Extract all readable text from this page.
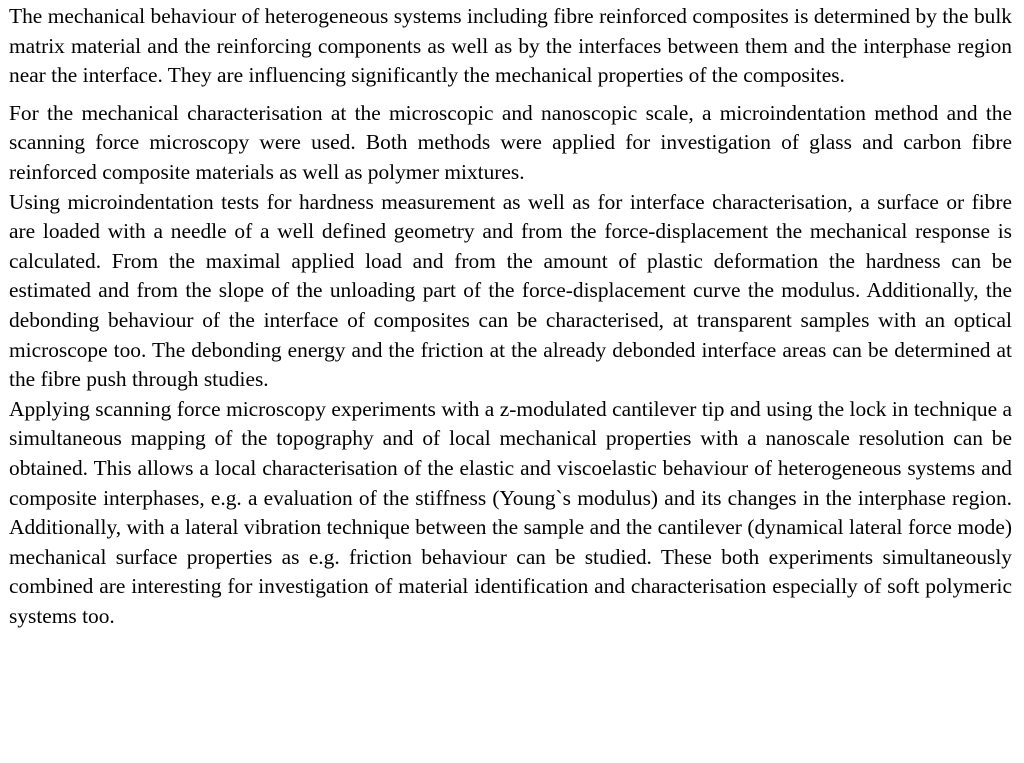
The mechanical behaviour of heterogeneous systems including fibre reinforced composites is determined by the bulk matrix material and the reinforcing components as well as by the interfaces between them and the interphase region near the interface. They are influencing significantly the mechanical properties of the composites.

For the mechanical characterisation at the microscopic and nanoscopic scale, a microindentation method and the scanning force microscopy were used. Both methods were applied for investigation of glass and carbon fibre reinforced composite materials as well as polymer mixtures.

Using microindentation tests for hardness measurement as well as for interface characterisation, a surface or fibre are loaded with a needle of a well defined geometry and from the force-displacement the mechanical response is calculated. From the maximal applied load and from the amount of plastic deformation the hardness can be estimated and from the slope of the unloading part of the force-displacement curve the modulus. Additionally, the debonding behaviour of the interface of composites can be characterised, at transparent samples with an optical microscope too. The debonding energy and the friction at the already debonded interface areas can be determined at the fibre push through studies.

Applying scanning force microscopy experiments with a z-modulated cantilever tip and using the lock in technique a simultaneous mapping of the topography and of local mechanical properties with a nanoscale resolution can be obtained. This allows a local characterisation of the elastic and viscoelastic behaviour of heterogeneous systems and composite interphases, e.g. a evaluation of the stiffness (Young`s modulus) and its changes in the interphase region. Additionally, with a lateral vibration technique between the sample and the cantilever (dynamical lateral force mode) mechanical surface properties as e.g. friction behaviour can be studied. These both experiments simultaneously combined are interesting for investigation of material identification and characterisation especially of soft polymeric systems too.
